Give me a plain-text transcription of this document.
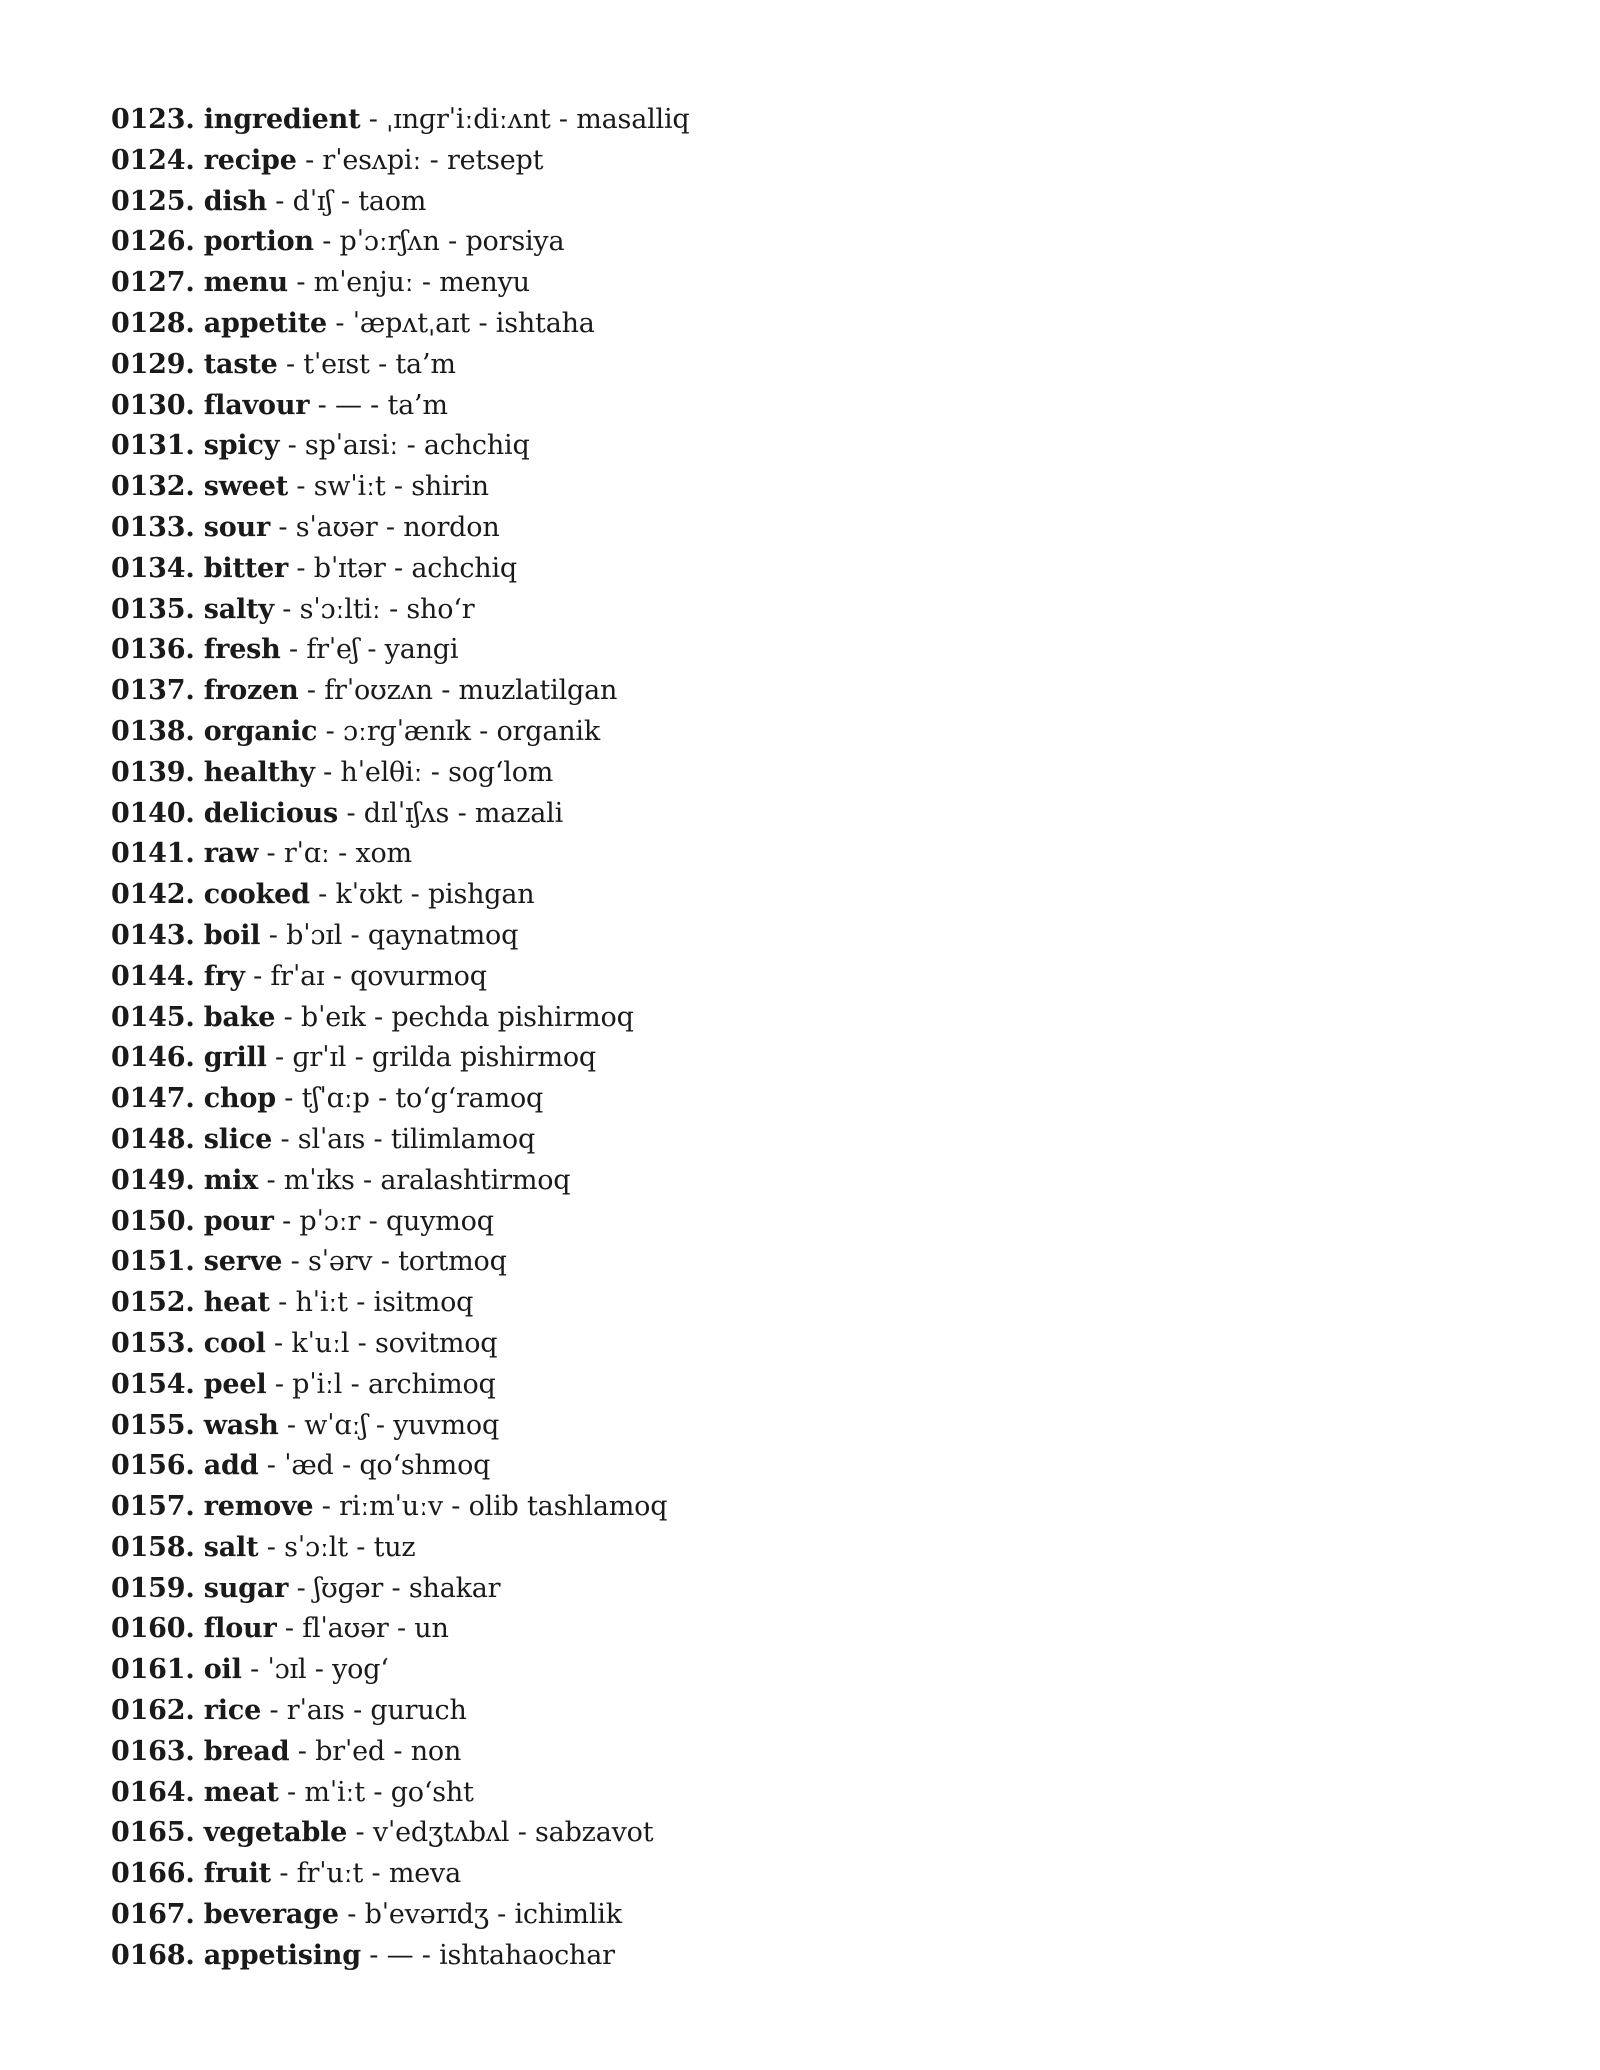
0123. ingredient - ˌɪnɡrˈiːdiːʌnt - masalliq
0124. recipe - rˈesʌpiː - retsept
0125. dish - dˈɪʃ - taom
0126. portion - pˈɔːrʃʌn - porsiya
0127. menu - mˈenjuː - menyu
0128. appetite - ˈæpʌtˌaɪt - ishtaha
0129. taste - tˈeɪst - ta’m
0130. flavour - — - ta’m
0131. spicy - spˈaɪsiː - achchiq
0132. sweet - swˈiːt - shirin
0133. sour - sˈaʊər - nordon
0134. bitter - bˈɪtər - achchiq
0135. salty - sˈɔːltiː - sho‘r
0136. fresh - frˈeʃ - yangi
0137. frozen - frˈoʊzʌn - muzlatilgan
0138. organic - ɔːrɡˈænɪk - organik
0139. healthy - hˈelθiː - sog‘lom
0140. delicious - dɪlˈɪʃʌs - mazali
0141. raw - rˈɑː - xom
0142. cooked - kˈʊkt - pishgan
0143. boil - bˈɔɪl - qaynatmoq
0144. fry - frˈaɪ - qovurmoq
0145. bake - bˈeɪk - pechda pishirmoq
0146. grill - ɡrˈɪl - grilda pishirmoq
0147. chop - tʃˈɑːp - to‘g‘ramoq
0148. slice - slˈaɪs - tilimlamoq
0149. mix - mˈɪks - aralashtirmoq
0150. pour - pˈɔːr - quymoq
0151. serve - sˈərv - tortmoq
0152. heat - hˈiːt - isitmoq
0153. cool - kˈuːl - sovitmoq
0154. peel - pˈiːl - archimoq
0155. wash - wˈɑːʃ - yuvmoq
0156. add - ˈæd - qo‘shmoq
0157. remove - riːmˈuːv - olib tashlamoq
0158. salt - sˈɔːlt - tuz
0159. sugar - ʃʊɡər - shakar
0160. flour - flˈaʊər - un
0161. oil - ˈɔɪl - yog‘
0162. rice - rˈaɪs - guruch
0163. bread - brˈed - non
0164. meat - mˈiːt - go‘sht
0165. vegetable - vˈedʒtʌbʌl - sabzavot
0166. fruit - frˈuːt - meva
0167. beverage - bˈevərɪdʒ - ichimlik
0168. appetising - — - ishtahaochar
